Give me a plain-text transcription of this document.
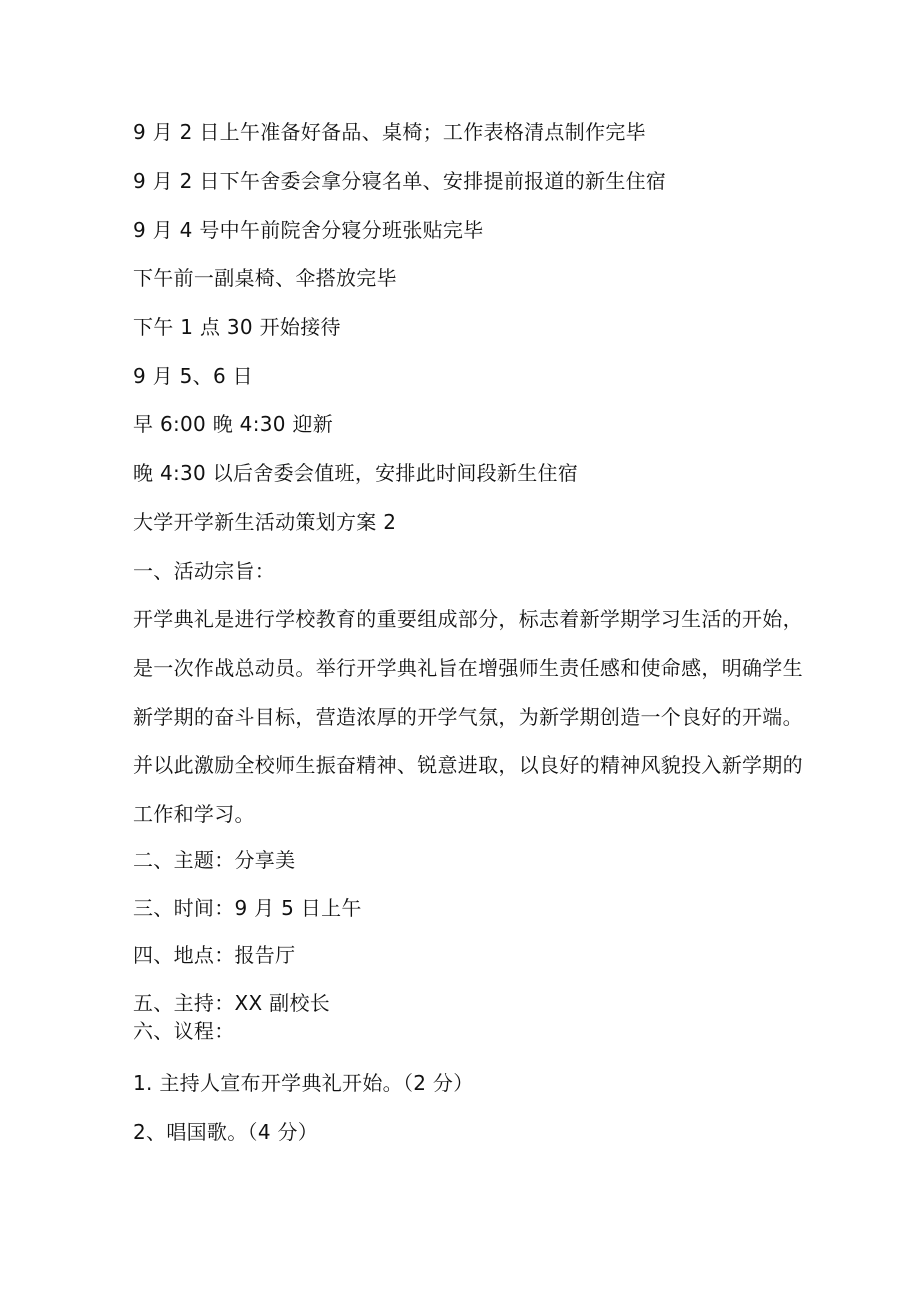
9 月 2 日上午准备好备品、桌椅；工作表格清点制作完毕
9 月 2 日下午舍委会拿分寝名单、安排提前报道的新生住宿
9 月 4 号中午前院舍分寝分班张贴完毕
下午前一副桌椅、伞搭放完毕
下午 1 点 30 开始接待
9 月 5、6 日
早 6:00 晚 4:30 迎新
晚 4:30 以后舍委会值班，安排此时间段新生住宿
大学开学新生活动策划方案 2
一、活动宗旨：
开学典礼是进行学校教育的重要组成部分，标志着新学期学习生活的开始，
是一次作战总动员。举行开学典礼旨在增强师生责任感和使命感，明确学生
新学期的奋斗目标，营造浓厚的开学气氛，为新学期创造一个良好的开端。
并以此激励全校师生振奋精神、锐意进取，以良好的精神风貌投入新学期的
工作和学习。
二、主题：分享美
三、时间：9 月 5 日上午
四、地点：报告厅
五、主持：XX 副校长
六、议程：
1. 主持人宣布开学典礼开始。（2 分）
2、唱国歌。（4 分）
